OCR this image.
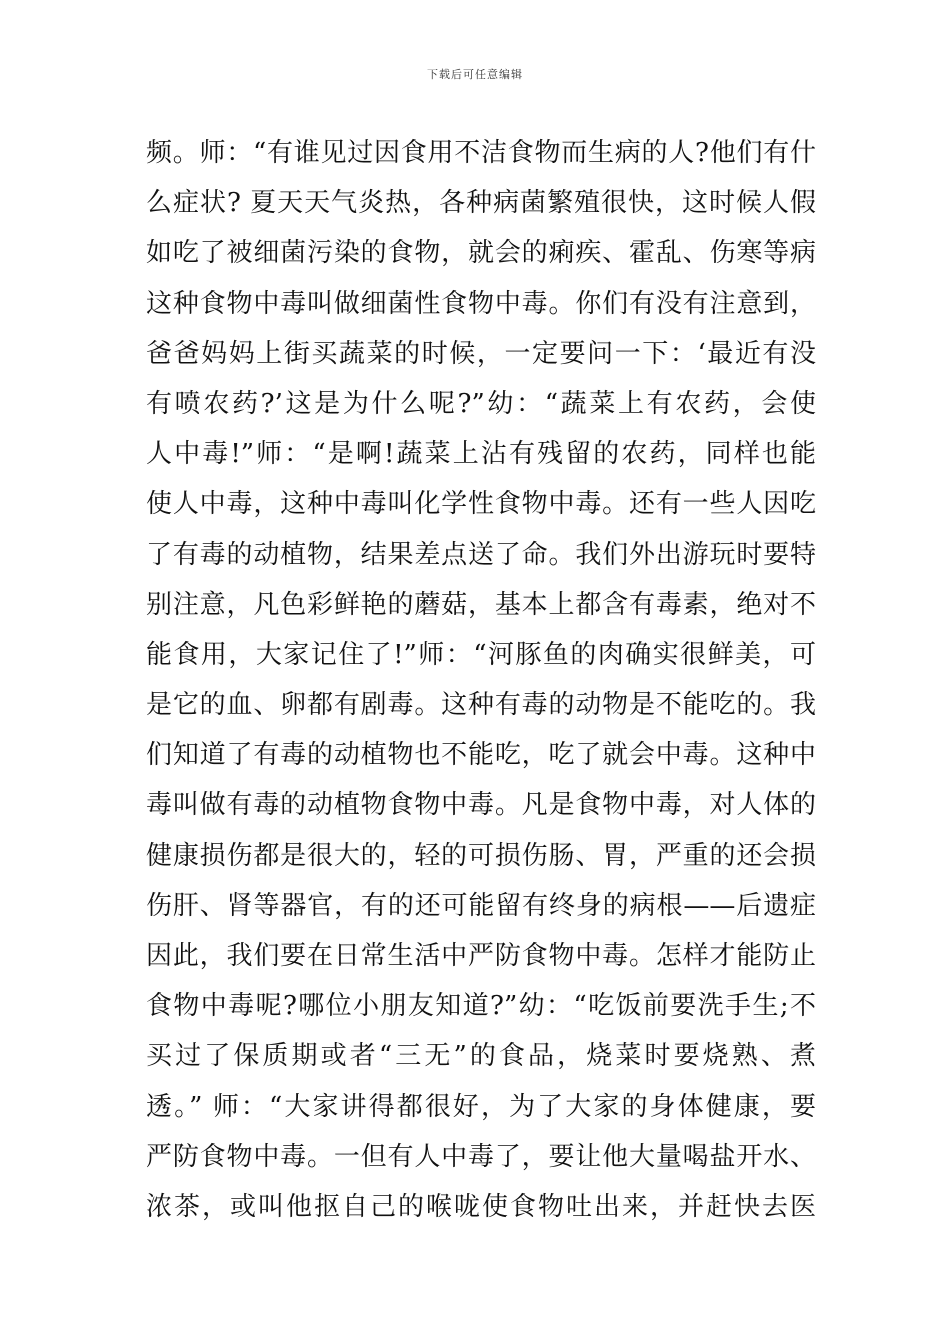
下载后可任意编辑
频。师：“有谁见过因食用不洁食物而生病的人?他们有什
么症状? 夏天天气炎热，各种病菌繁殖很快，这时候人假
如吃了被细菌污染的食物，就会的痢疾、霍乱、伤寒等病
这种食物中毒叫做细菌性食物中毒。你们有没有注意到，
爸爸妈妈上街买蔬菜的时候，一定要问一下：‘最近有没
有喷农药?’这是为什么呢?”幼：“蔬菜上有农药，会使
人中毒!”师：“是啊!蔬菜上沾有残留的农药，同样也能
使人中毒，这种中毒叫化学性食物中毒。还有一些人因吃
了有毒的动植物，结果差点送了命。我们外出游玩时要特
别注意，凡色彩鲜艳的蘑菇，基本上都含有毒素，绝对不
能食用，大家记住了!”师：“河豚鱼的肉确实很鲜美，可
是它的血、卵都有剧毒。这种有毒的动物是不能吃的。我
们知道了有毒的动植物也不能吃，吃了就会中毒。这种中
毒叫做有毒的动植物食物中毒。凡是食物中毒，对人体的
健康损伤都是很大的，轻的可损伤肠、胃，严重的还会损
伤肝、肾等器官，有的还可能留有终身的病根——后遗症
因此，我们要在日常生活中严防食物中毒。怎样才能防止
食物中毒呢?哪位小朋友知道?”幼：“吃饭前要洗手生;不
买过了保质期或者“三无”的食品，烧菜时要烧熟、煮
透。” 师：“大家讲得都很好，为了大家的身体健康，要
严防食物中毒。一但有人中毒了，要让他大量喝盐开水、
浓茶，或叫他抠自己的喉咙使食物吐出来，并赶快去医
